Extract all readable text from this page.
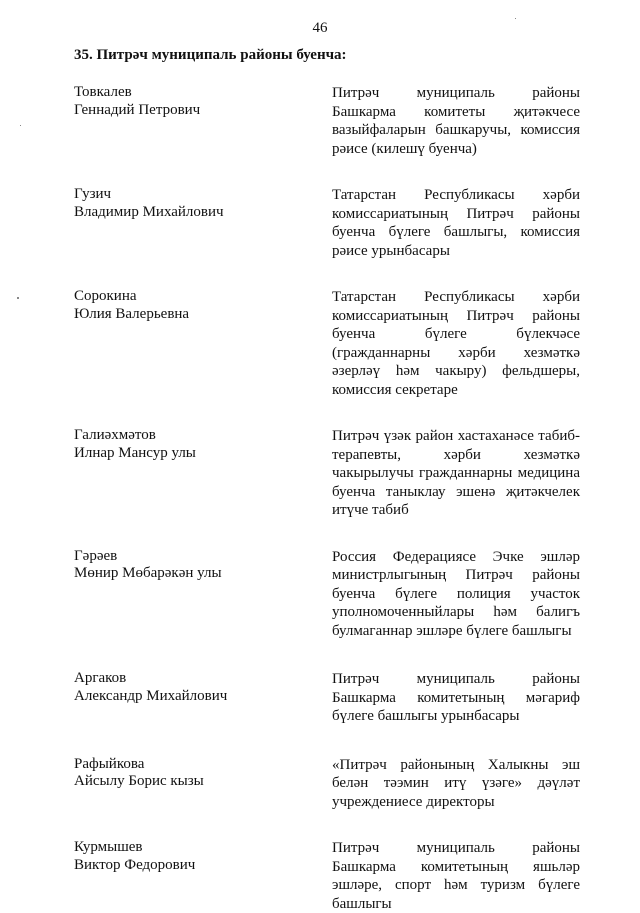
46
35. Питрәч муниципаль районы буенча:
Товкалев
Геннадий Петрович
Питрәч муниципаль районы Башкарма комитеты җитәкчесе вазыйфаларын башкаручы, комиссия рәисе (килешү буенча)
Гузич
Владимир Михайлович
Татарстан Республикасы хәрби комиссариатының Питрәч районы буенча бүлеге башлыгы, комиссия рәисе урынбасары
Сорокина
Юлия Валерьевна
Татарстан Республикасы хәрби комиссариатының Питрәч районы буенча бүлеге бүлекчәсе (гражданнарны хәрби хезмәткә әзерләү һәм чакыру) фельдшеры, комиссия секретаре
Галиәхмәтов
Илнар Мансур улы
Питрәч үзәк район хастаханәсе табиб-терапевты, хәрби хезмәткә чакырылучы гражданнарны медицина буенча таныклау эшенә җитәкчелек итүче табиб
Гәрәев
Мөнир Мөбарәкән улы
Россия Федерациясе Эчке эшләр министрлыгының Питрәч районы буенча бүлеге полиция участок уполномоченныйлары һәм балигъ булмаганнар эшләре бүлеге башлыгы
Аргаков
Александр Михайлович
Питрәч муниципаль районы Башкарма комитетының мәгариф бүлеге башлыгы урынбасары
Рафыйкова
Айсылу Борис кызы
«Питрәч районының Халыкны эш белән тәэмин итү үзәге» дәүләт учреждениесе директоры
Курмышев
Виктор Федорович
Питрәч муниципаль районы Башкарма комитетының яшьләр эшләре, спорт һәм туризм бүлеге башлыгы
